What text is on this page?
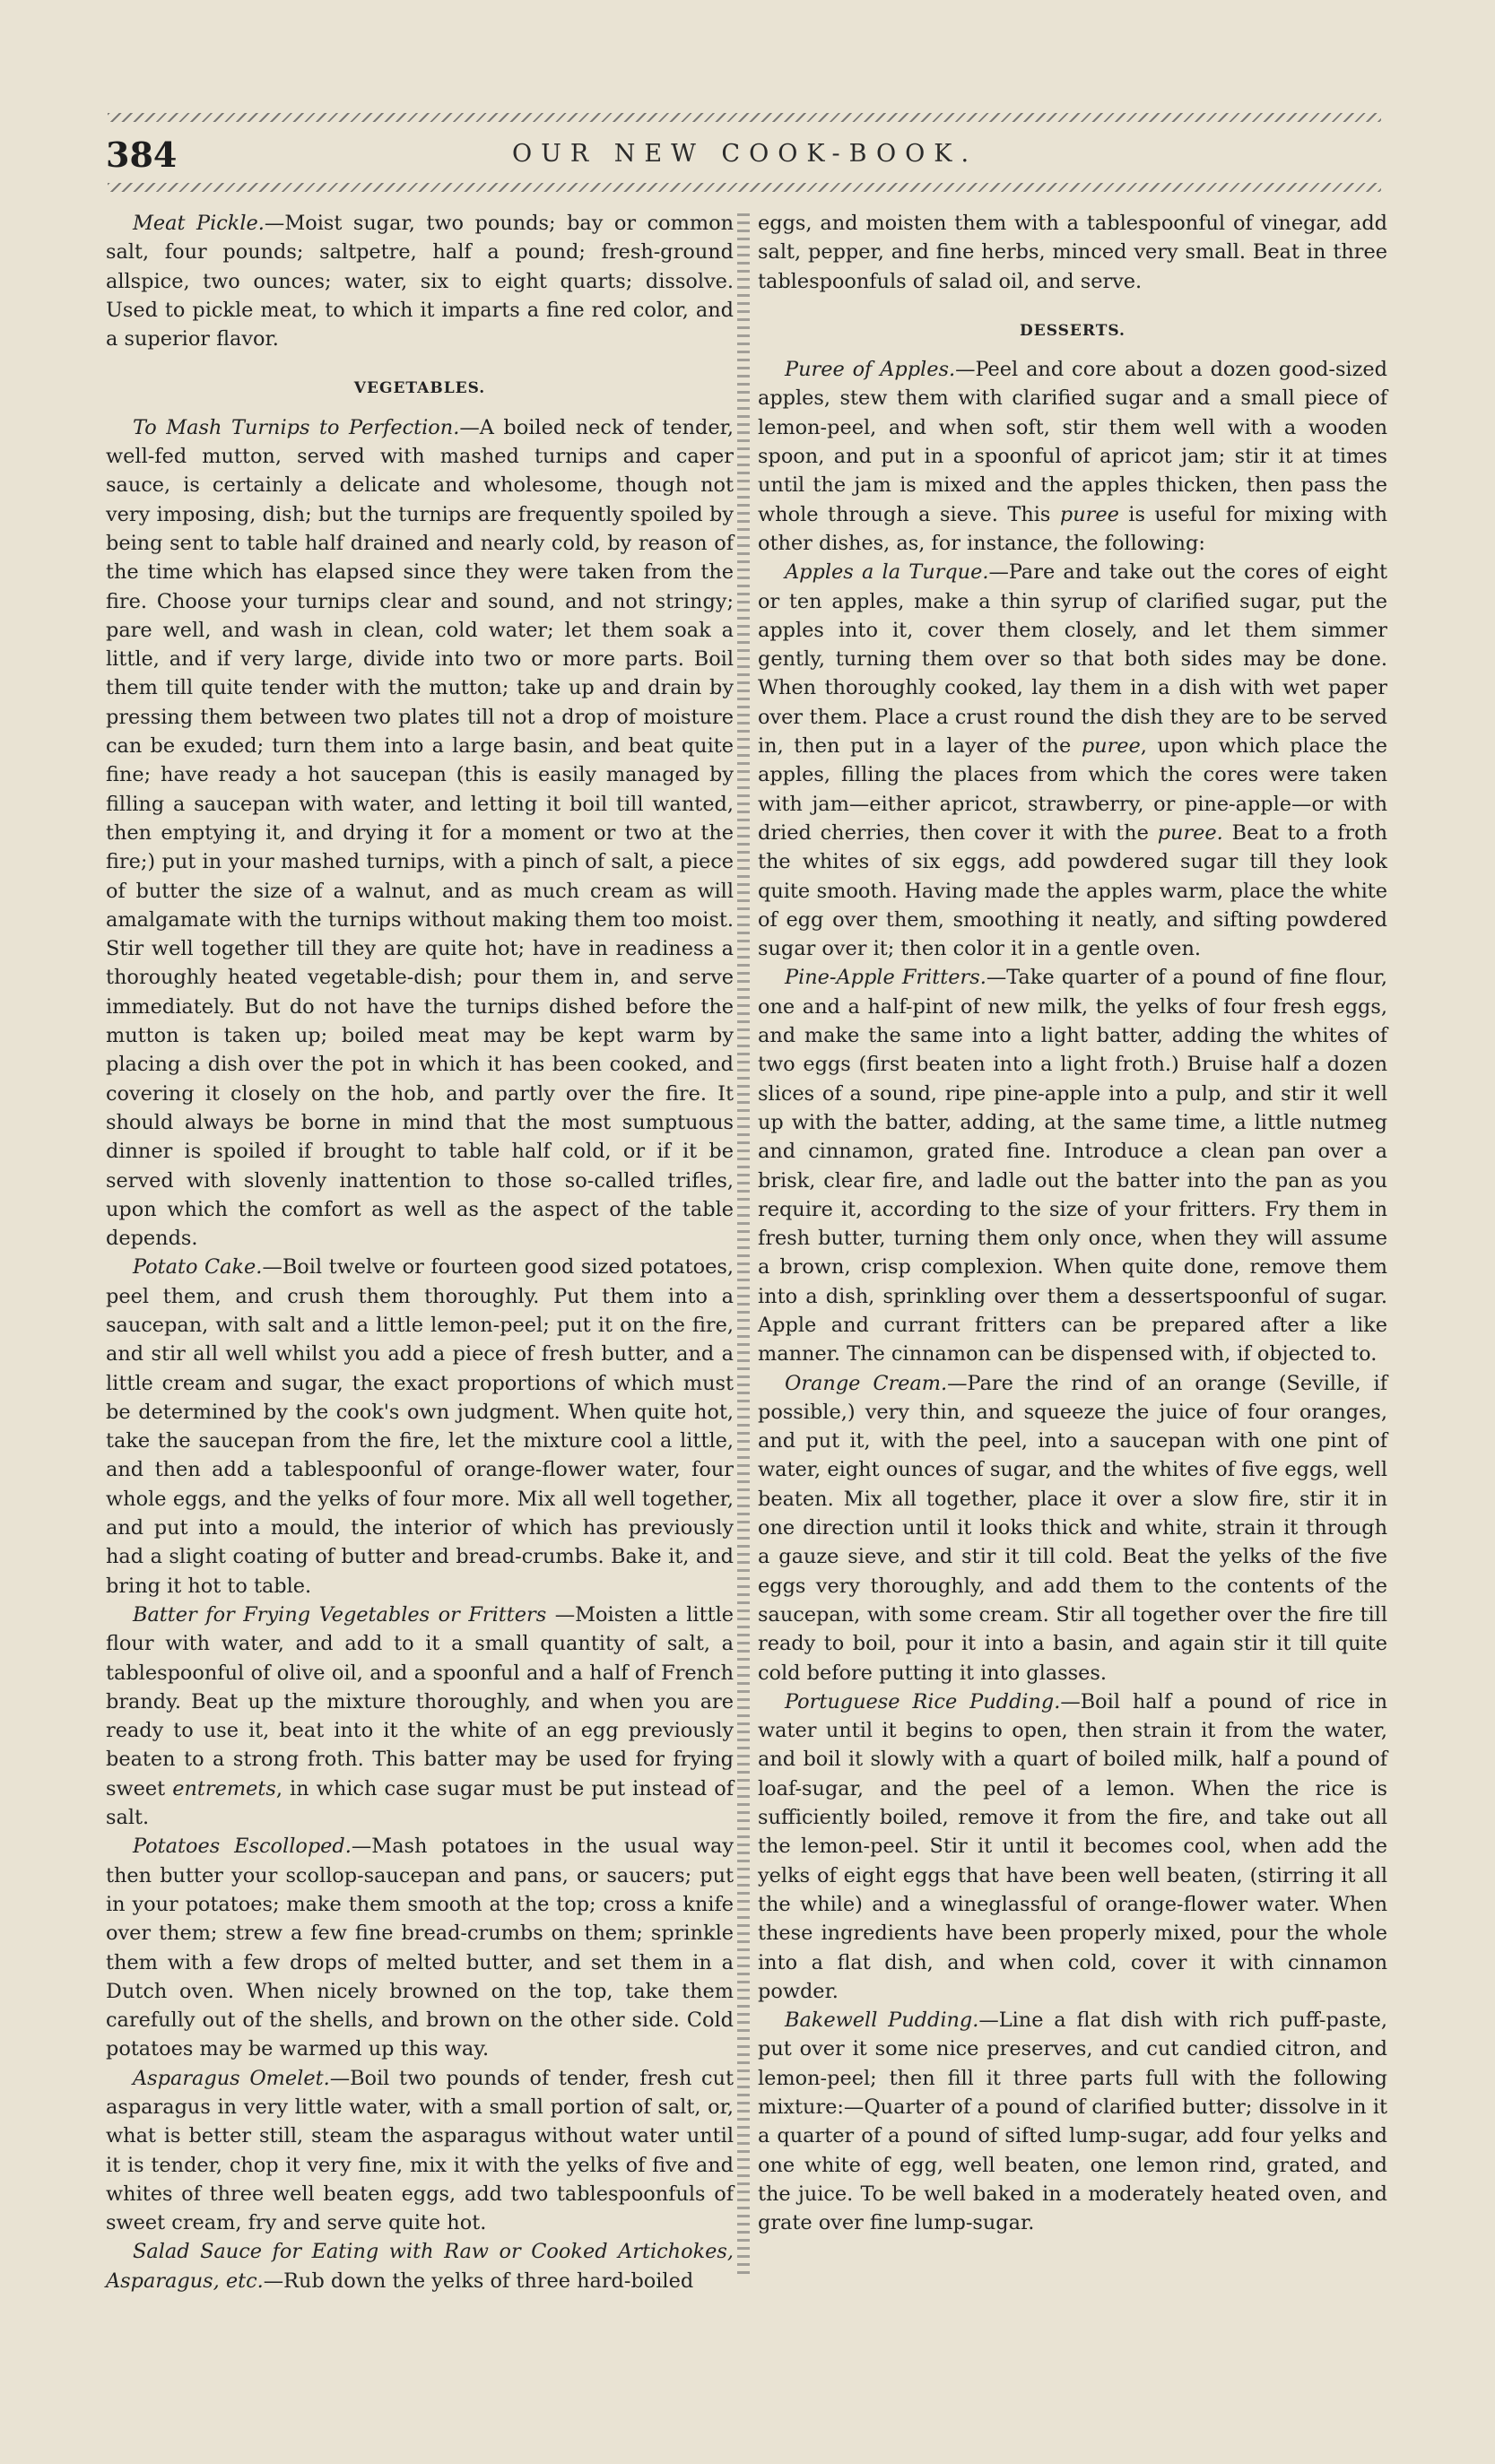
384	OUR NEW COOK-BOOK.

Meat Pickle.—Moist sugar, two pounds; bay or common salt, four pounds; saltpetre, half a pound; fresh-ground allspice, two ounces; water, six to eight quarts; dissolve. Used to pickle meat, to which it imparts a fine red color, and a superior flavor.

VEGETABLES.

To Mash Turnips to Perfection.—A boiled neck of tender, well-fed mutton, served with mashed turnips and caper sauce, is certainly a delicate and wholesome, though not very imposing, dish; but the turnips are frequently spoiled by being sent to table half drained and nearly cold, by reason of the time which has elapsed since they were taken from the fire. Choose your turnips clear and sound, and not stringy; pare well, and wash in clean, cold water; let them soak a little, and if very large, divide into two or more parts. Boil them till quite tender with the mutton; take up and drain by pressing them between two plates till not a drop of moisture can be exuded; turn them into a large basin, and beat quite fine; have ready a hot saucepan (this is easily managed by filling a saucepan with water, and letting it boil till wanted, then emptying it, and drying it for a moment or two at the fire;) put in your mashed turnips, with a pinch of salt, a piece of butter the size of a walnut, and as much cream as will amalgamate with the turnips without making them too moist. Stir well together till they are quite hot; have in readiness a thoroughly heated vegetable-dish; pour them in, and serve immediately. But do not have the turnips dished before the mutton is taken up; boiled meat may be kept warm by placing a dish over the pot in which it has been cooked, and covering it closely on the hob, and partly over the fire. It should always be borne in mind that the most sumptuous dinner is spoiled if brought to table half cold, or if it be served with slovenly inattention to those so-called trifles, upon which the comfort as well as the aspect of the table depends.

Potato Cake.—Boil twelve or fourteen good sized potatoes, peel them, and crush them thoroughly. Put them into a saucepan, with salt and a little lemon-peel; put it on the fire, and stir all well whilst you add a piece of fresh butter, and a little cream and sugar, the exact proportions of which must be determined by the cook's own judgment. When quite hot, take the saucepan from the fire, let the mixture cool a little, and then add a tablespoonful of orange-flower water, four whole eggs, and the yelks of four more. Mix all well together, and put into a mould, the interior of which has previously had a slight coating of butter and bread-crumbs. Bake it, and bring it hot to table.

Batter for Frying Vegetables or Fritters —Moisten a little flour with water, and add to it a small quantity of salt, a tablespoonful of olive oil, and a spoonful and a half of French brandy. Beat up the mixture thoroughly, and when you are ready to use it, beat into it the white of an egg previously beaten to a strong froth. This batter may be used for frying sweet entremets, in which case sugar must be put instead of salt.

Potatoes Escolloped.—Mash potatoes in the usual way then butter your scollop-saucepan and pans, or saucers; put in your potatoes; make them smooth at the top; cross a knife over them; strew a few fine bread-crumbs on them; sprinkle them with a few drops of melted butter, and set them in a Dutch oven. When nicely browned on the top, take them carefully out of the shells, and brown on the other side. Cold potatoes may be warmed up this way.

Asparagus Omelet.—Boil two pounds of tender, fresh cut asparagus in very little water, with a small portion of salt, or, what is better still, steam the asparagus without water until it is tender, chop it very fine, mix it with the yelks of five and whites of three well beaten eggs, add two tablespoonfuls of sweet cream, fry and serve quite hot.

Salad Sauce for Eating with Raw or Cooked Artichokes, Asparagus, etc.—Rub down the yelks of three hard-boiled

eggs, and moisten them with a tablespoonful of vinegar, add salt, pepper, and fine herbs, minced very small. Beat in three tablespoonfuls of salad oil, and serve.

DESSERTS.

Puree of Apples.—Peel and core about a dozen good-sized apples, stew them with clarified sugar and a small piece of lemon-peel, and when soft, stir them well with a wooden spoon, and put in a spoonful of apricot jam; stir it at times until the jam is mixed and the apples thicken, then pass the whole through a sieve. This puree is useful for mixing with other dishes, as, for instance, the following:

Apples a la Turque.—Pare and take out the cores of eight or ten apples, make a thin syrup of clarified sugar, put the apples into it, cover them closely, and let them simmer gently, turning them over so that both sides may be done. When thoroughly cooked, lay them in a dish with wet paper over them. Place a crust round the dish they are to be served in, then put in a layer of the puree, upon which place the apples, filling the places from which the cores were taken with jam—either apricot, strawberry, or pine-apple—or with dried cherries, then cover it with the puree. Beat to a froth the whites of six eggs, add powdered sugar till they look quite smooth. Having made the apples warm, place the white of egg over them, smoothing it neatly, and sifting powdered sugar over it; then color it in a gentle oven.

Pine-Apple Fritters.—Take quarter of a pound of fine flour, one and a half-pint of new milk, the yelks of four fresh eggs, and make the same into a light batter, adding the whites of two eggs (first beaten into a light froth.) Bruise half a dozen slices of a sound, ripe pine-apple into a pulp, and stir it well up with the batter, adding, at the same time, a little nutmeg and cinnamon, grated fine. Introduce a clean pan over a brisk, clear fire, and ladle out the batter into the pan as you require it, according to the size of your fritters. Fry them in fresh butter, turning them only once, when they will assume a brown, crisp complexion. When quite done, remove them into a dish, sprinkling over them a dessertspoonful of sugar. Apple and currant fritters can be prepared after a like manner. The cinnamon can be dispensed with, if objected to.

Orange Cream.—Pare the rind of an orange (Seville, if possible,) very thin, and squeeze the juice of four oranges, and put it, with the peel, into a saucepan with one pint of water, eight ounces of sugar, and the whites of five eggs, well beaten. Mix all together, place it over a slow fire, stir it in one direction until it looks thick and white, strain it through a gauze sieve, and stir it till cold. Beat the yelks of the five eggs very thoroughly, and add them to the contents of the saucepan, with some cream. Stir all together over the fire till ready to boil, pour it into a basin, and again stir it till quite cold before putting it into glasses.

Portuguese Rice Pudding.—Boil half a pound of rice in water until it begins to open, then strain it from the water, and boil it slowly with a quart of boiled milk, half a pound of loaf-sugar, and the peel of a lemon. When the rice is sufficiently boiled, remove it from the fire, and take out all the lemon-peel. Stir it until it becomes cool, when add the yelks of eight eggs that have been well beaten, (stirring it all the while) and a wineglassful of orange-flower water. When these ingredients have been properly mixed, pour the whole into a flat dish, and when cold, cover it with cinnamon powder.

Bakewell Pudding.—Line a flat dish with rich puff-paste, put over it some nice preserves, and cut candied citron, and lemon-peel; then fill it three parts full with the following mixture:—Quarter of a pound of clarified butter; dissolve in it a quarter of a pound of sifted lump-sugar, add four yelks and one white of egg, well beaten, one lemon rind, grated, and the juice. To be well baked in a moderately heated oven, and grate over fine lump-sugar.
